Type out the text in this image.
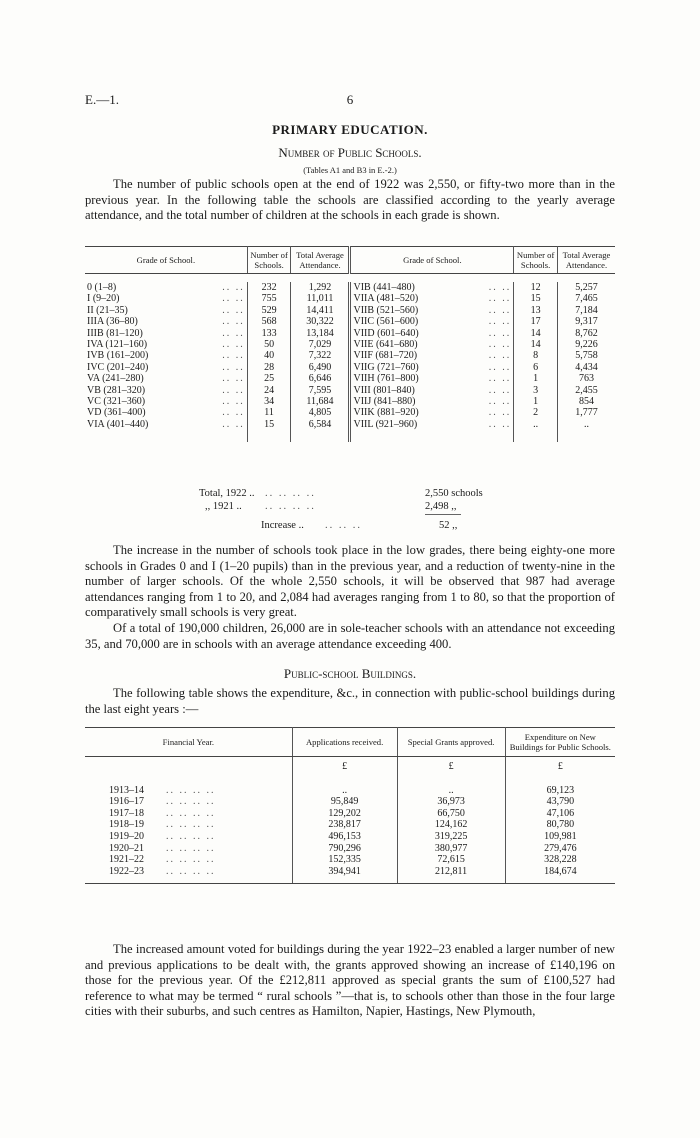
E.—1.	6
PRIMARY EDUCATION.
Number of Public Schools.
(Tables A1 and B3 in E.-2.)

The number of public schools open at the end of 1922 was 2,550, or fifty-two more than in the previous year. In the following table the schools are classified according to the yearly average attendance, and the total number of children at the schools in each grade is shown.

Grade of School.	Number of Schools.	Total Average Attendance.	Grade of School.	Number of Schools.	Total Average Attendance.

0 (1–8) .. ..	232	1,292	VIB (441–480) .. ..	12	5,257
I (9–20) .. ..	755	11,011	VIIA (481–520) .. ..	15	7,465
II (21–35) .. ..	529	14,411	VIIB (521–560) .. ..	13	7,184
IIIA (36–80) .. ..	568	30,322	VIIC (561–600) .. ..	17	9,317
IIIB (81–120) .. ..	133	13,184	VIID (601–640) .. ..	14	8,762
IVA (121–160) .. ..	50	7,029	VIIE (641–680) .. ..	14	9,226
IVB (161–200) .. ..	40	7,322	VIIF (681–720) .. ..	8	5,758
IVC (201–240) .. ..	28	6,490	VIIG (721–760) .. ..	6	4,434
VA (241–280) .. ..	25	6,646	VIIH (761–800) .. ..	1	763
VB (281–320) .. ..	24	7,595	VIII (801–840) .. ..	3	2,455
VC (321–360) .. ..	34	11,684	VIIJ (841–880) .. ..	1	854
VD (361–400) .. ..	11	4,805	VIIK (881–920) .. ..	2	1,777
VIA (401–440) .. ..	15	6,584	VIIL (921–960) .. ..	..	..

Total, 1922 .. .. .. .. ..	2,550 schools
,, 1921 .. .. .. .. ..	2,498 ,,
Increase .. .. .. ..	52 ,,

The increase in the number of schools took place in the low grades, there being eighty-one more schools in Grades 0 and I (1–20 pupils) than in the previous year, and a reduction of twenty-nine in the number of larger schools. Of the whole 2,550 schools, it will be observed that 987 had average attendances ranging from 1 to 20, and 2,084 had averages ranging from 1 to 80, so that the proportion of comparatively small schools is very great.

Of a total of 190,000 children, 26,000 are in sole-teacher schools with an attendance not exceeding 35, and 70,000 are in schools with an average attendance exceeding 400.

Public-school Buildings.

The following table shows the expenditure, &c., in connection with public-school buildings during the last eight years :—

Financial Year.	Applications received.	Special Grants approved.	Expenditure on New Buildings for Public Schools.
	£	£	£

1913–14 .. .. .. ..	..	..	69,123
1916–17 .. .. .. ..	95,849	36,973	43,790
1917–18 .. .. .. ..	129,202	66,750	47,106
1918–19 .. .. .. ..	238,817	124,162	80,780
1919–20 .. .. .. ..	496,153	319,225	109,981
1920–21 .. .. .. ..	790,296	380,977	279,476
1921–22 .. .. .. ..	152,335	72,615	328,228
1922–23 .. .. .. ..	394,941	212,811	184,674

The increased amount voted for buildings during the year 1922–23 enabled a larger number of new and previous applications to be dealt with, the grants approved showing an increase of £140,196 on those for the previous year. Of the £212,811 approved as special grants the sum of £100,527 had reference to what may be termed “ rural schools ”—that is, to schools other than those in the four large cities with their suburbs, and such centres as Hamilton, Napier, Hastings, New Plymouth,
